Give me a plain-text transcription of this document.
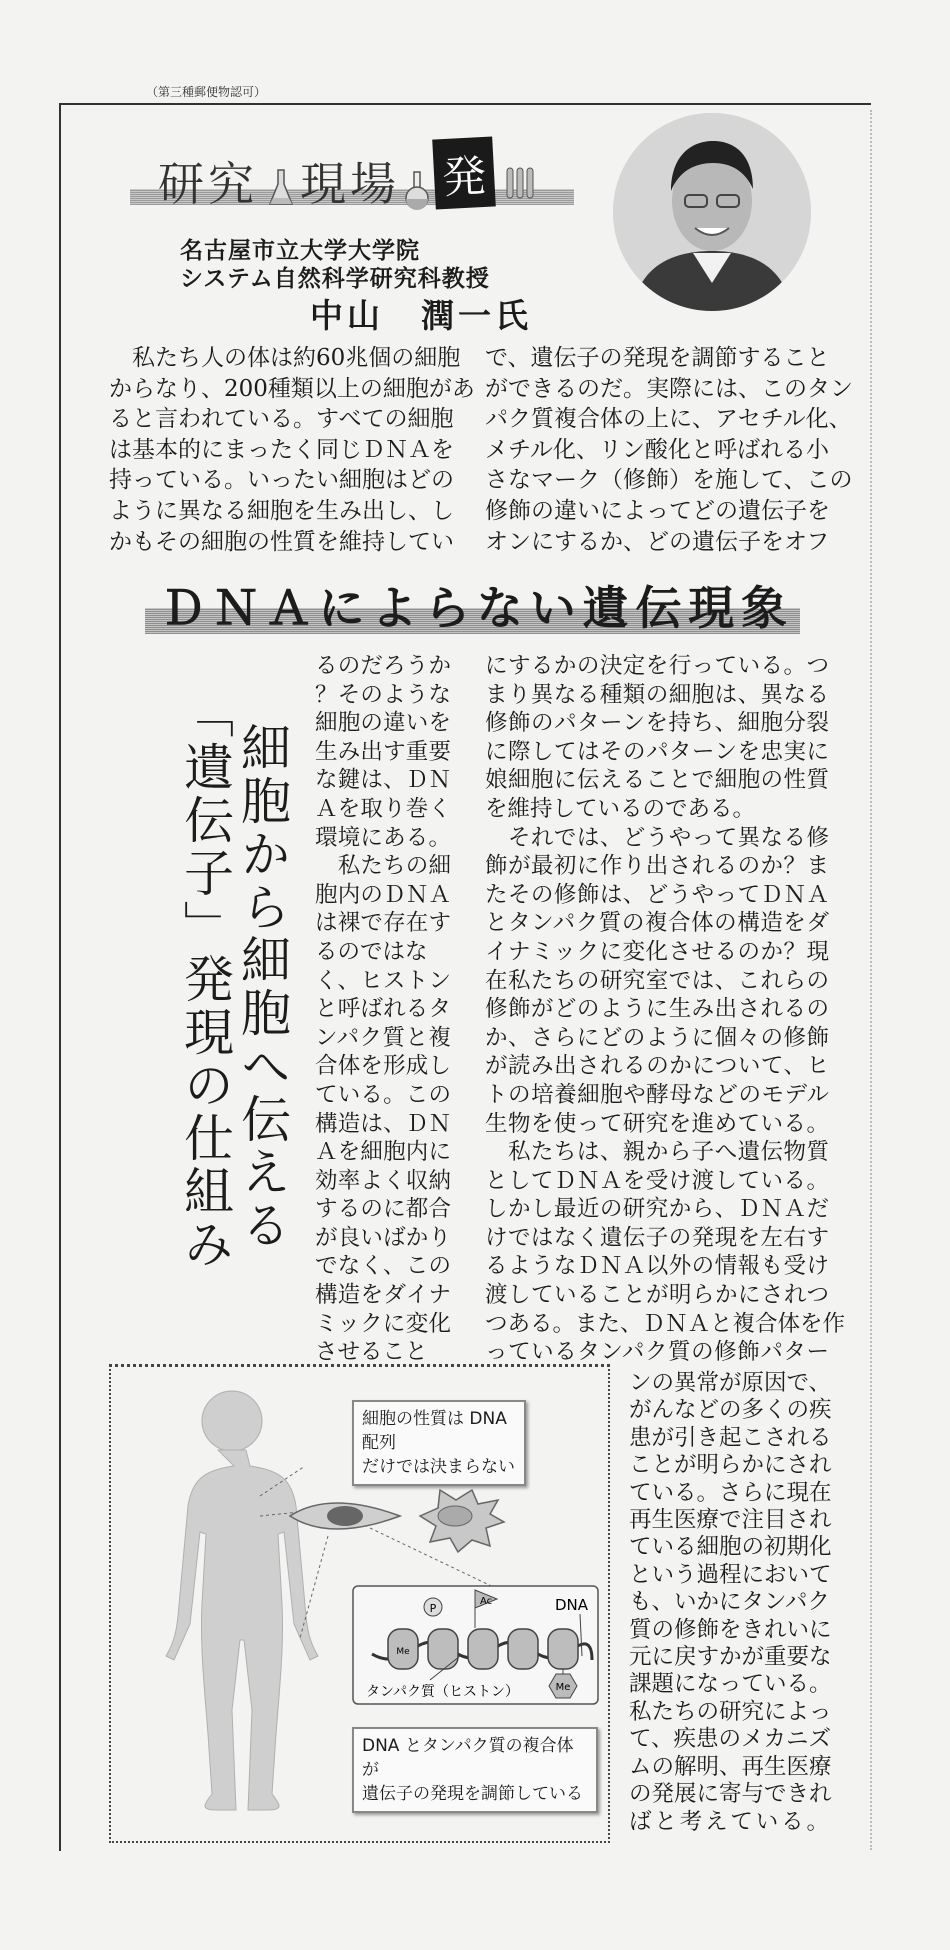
（第三種郵便物認可）
研究 現場 発
名古屋市立大学大学院
システム自然科学研究科教授
中山　潤一氏
　私たち人の体は約60兆個の細胞
からなり、200種類以上の細胞があ
ると言われている。すべての細胞
は基本的にまったく同じＤＮＡを
持っている。いったい細胞はどの
ように異なる細胞を生み出し、し
かもその細胞の性質を維持してい
で、遺伝子の発現を調節すること
ができるのだ。実際には、このタン
パク質複合体の上に、アセチル化、
メチル化、リン酸化と呼ばれる小
さなマーク（修飾）を施して、この
修飾の違いによってどの遺伝子を
オンにするか、どの遺伝子をオフ
ＤＮＡによらない遺伝現象
細胞から細胞へ伝える
「遺伝子」発現の仕組み
るのだろうか
？そのような
細胞の違いを
生み出す重要
な鍵は、ＤＮ
Ａを取り巻く
環境にある。
　私たちの細
胞内のＤＮＡ
は裸で存在す
るのではな
く、ヒストン
と呼ばれるタ
ンパク質と複
合体を形成し
ている。この
構造は、ＤＮ
Ａを細胞内に
効率よく収納
するのに都合
が良いばかり
でなく、この
構造をダイナ
ミックに変化
させること
にするかの決定を行っている。つ
まり異なる種類の細胞は、異なる
修飾のパターンを持ち、細胞分裂
に際してはそのパターンを忠実に
娘細胞に伝えることで細胞の性質
を維持しているのである。
　それでは、どうやって異なる修
飾が最初に作り出されるのか？ま
たその修飾は、どうやってＤＮＡ
とタンパク質の複合体の構造をダ
イナミックに変化させるのか？現
在私たちの研究室では、これらの
修飾がどのように生み出されるの
か、さらにどのように個々の修飾
が読み出されるのかについて、ヒ
トの培養細胞や酵母などのモデル
生物を使って研究を進めている。
　私たちは、親から子へ遺伝物質
としてＤＮＡを受け渡している。
しかし最近の研究から、ＤＮＡだ
けではなく遺伝子の発現を左右す
るようなＤＮＡ以外の情報も受け
渡していることが明らかにされつ
つある。また、ＤＮＡと複合体を作
っているタンパク質の修飾パター
ンの異常が原因で、
がんなどの多くの疾
患が引き起こされる
ことが明らかにされ
ている。さらに現在
再生医療で注目され
ている細胞の初期化
という過程において
も、いかにタンパク
質の修飾をきれいに
元に戻すかが重要な
課題になっている。
私たちの研究によっ
て、疾患のメカニズ
ムの解明、再生医療
の発展に寄与できれ
ばと考えている。
P
Ac
Me
Me
DNA
タンパク質（ヒストン）
細胞の性質は DNA 配列
だけでは決まらない
DNA とタンパク質の複合体が
遺伝子の発現を調節している
